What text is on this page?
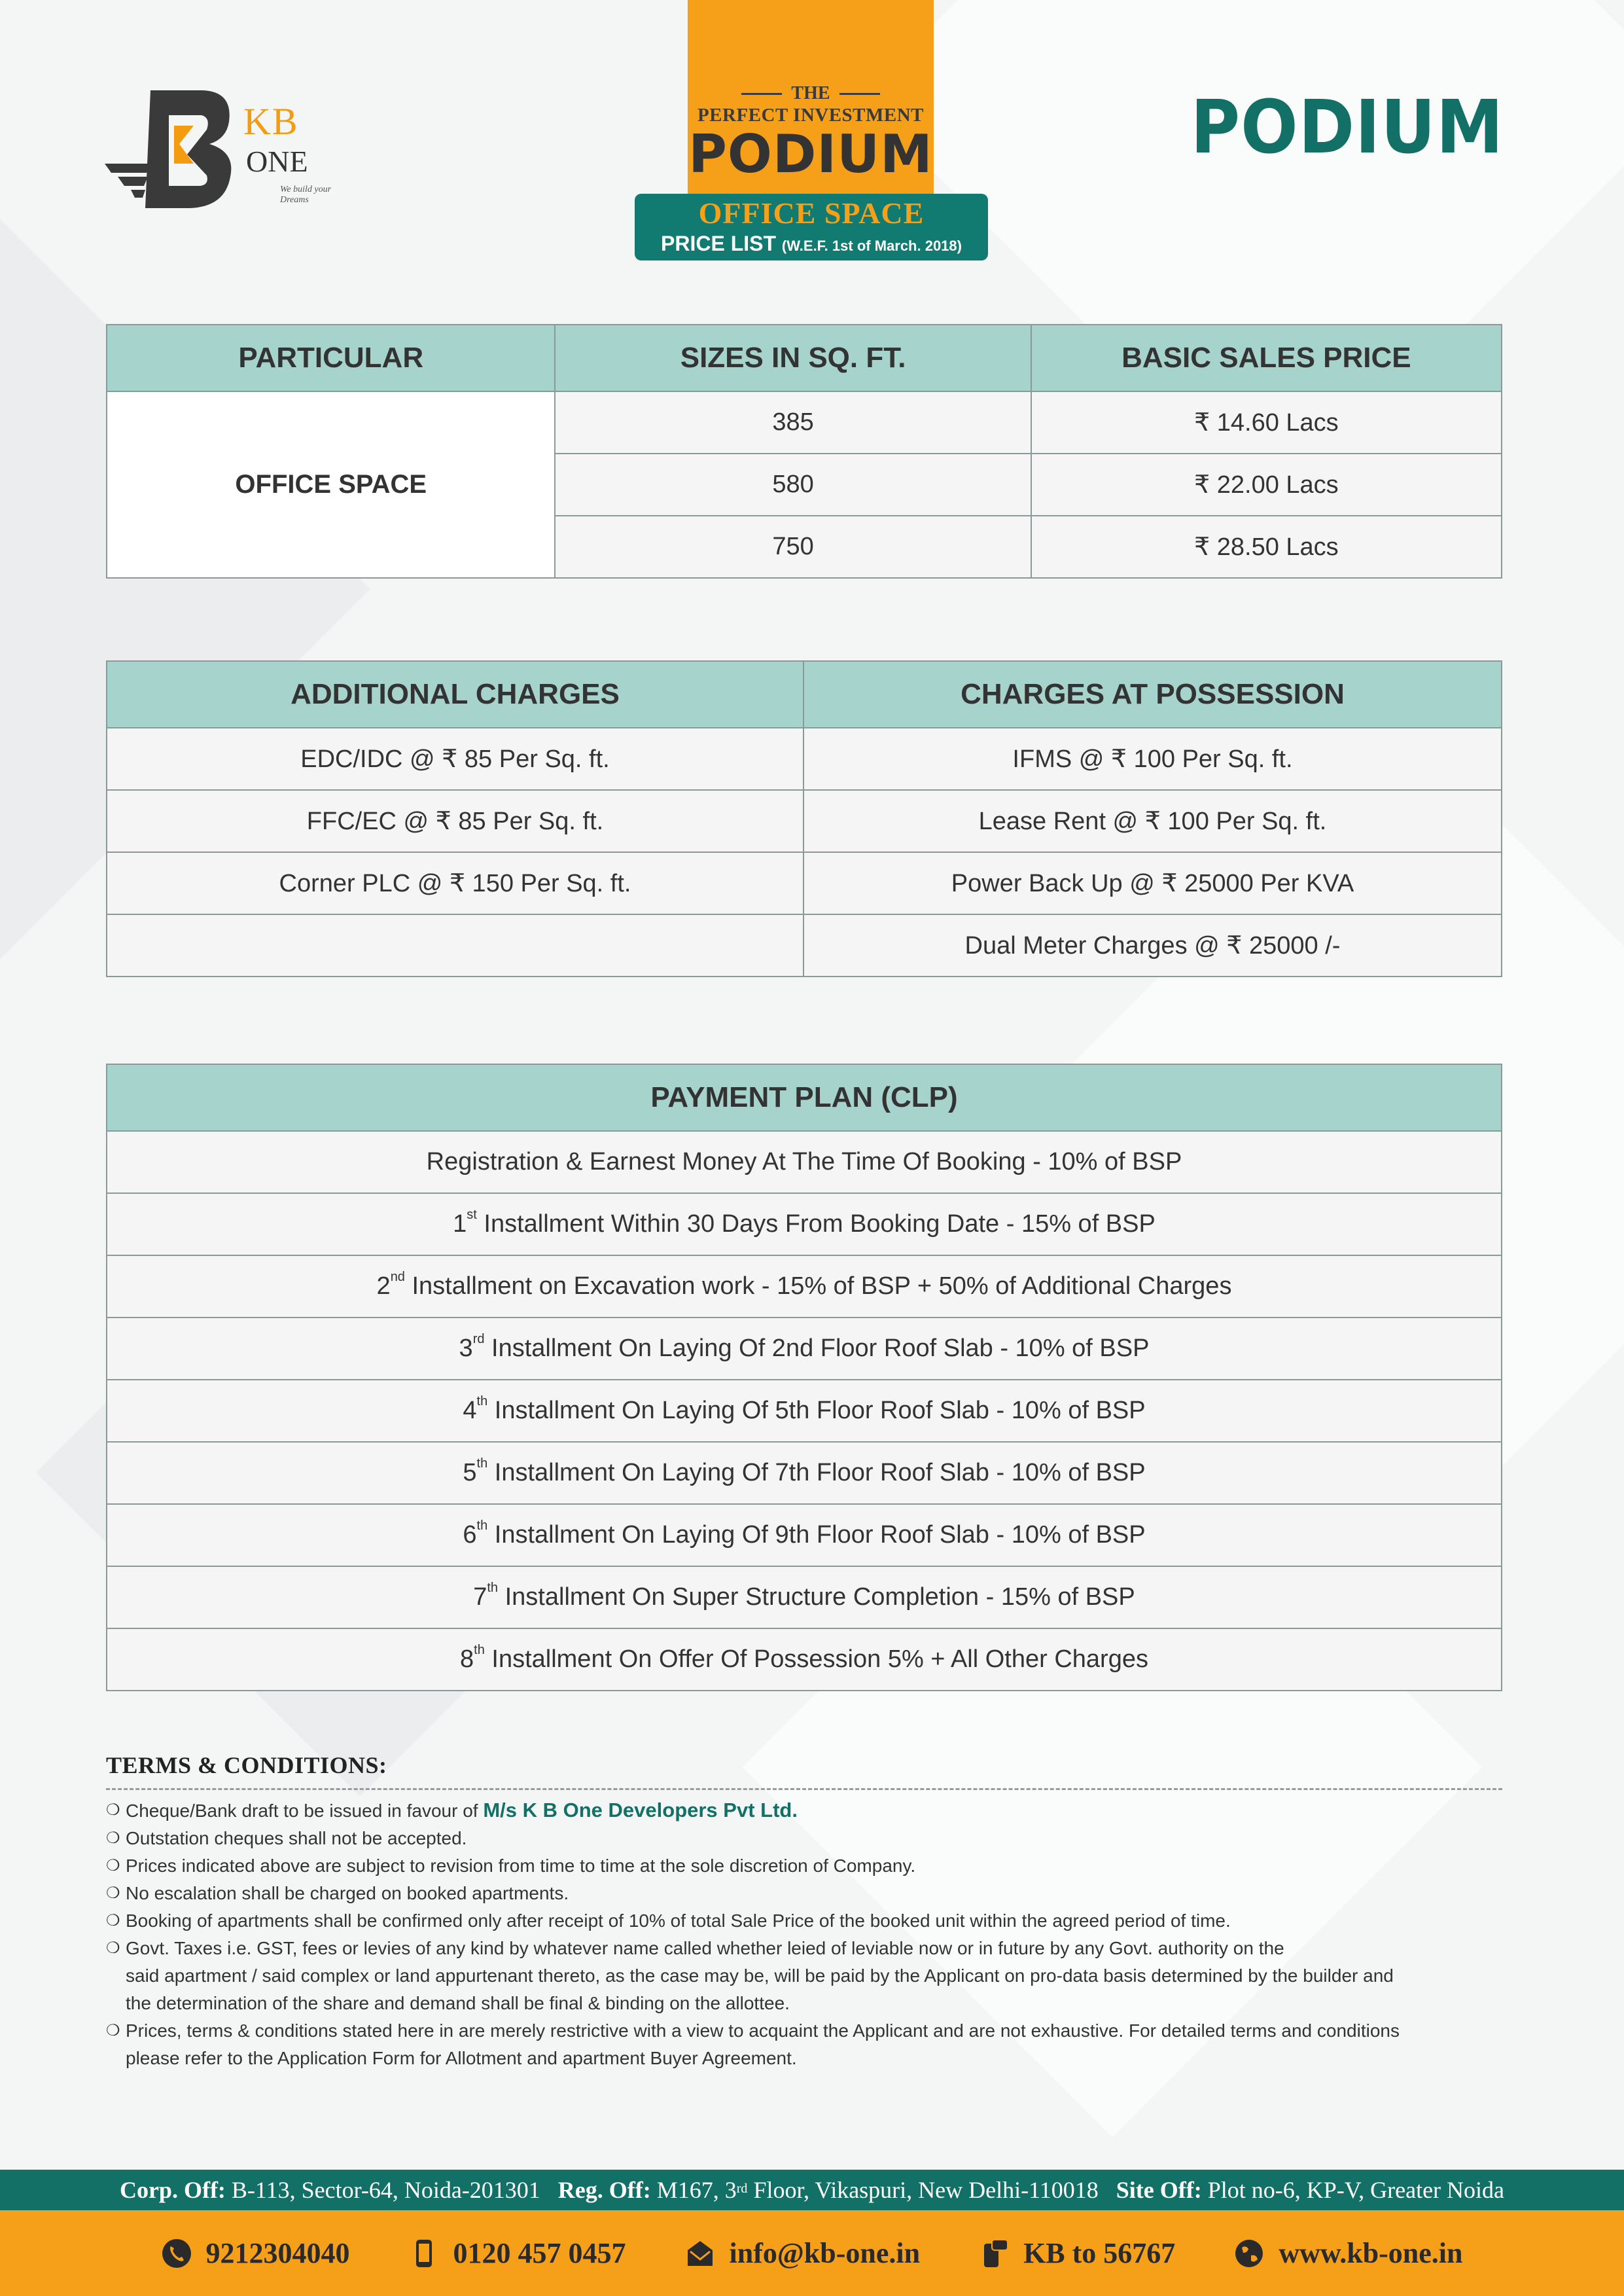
KB
ONE
We build your Dreams
THE
PERFECT INVESTMENT
PODIUM
OFFICE SPACE
PRICE LIST (W.E.F. 1st of March. 2018)
PODIUM
PARTICULAR	SIZES IN SQ. FT.	BASIC SALES PRICE
OFFICE SPACE	385	₹ 14.60 Lacs
	580	₹ 22.00 Lacs
	750	₹ 28.50 Lacs
ADDITIONAL CHARGES	CHARGES AT POSSESSION
EDC/IDC @ ₹ 85 Per Sq. ft.	IFMS @ ₹ 100 Per Sq. ft.
FFC/EC @ ₹ 85 Per Sq. ft.	Lease Rent @ ₹ 100 Per Sq. ft.
Corner PLC @ ₹ 150 Per Sq. ft.	Power Back Up @ ₹ 25000 Per KVA
	Dual Meter Charges @ ₹ 25000 /-
PAYMENT PLAN (CLP)
Registration & Earnest Money At The Time Of Booking - 10% of BSP
1st Installment Within 30 Days From Booking Date - 15% of BSP
2nd Installment on Excavation work - 15% of BSP + 50% of Additional Charges
3rd Installment On Laying Of 2nd Floor Roof Slab - 10% of BSP
4th Installment On Laying Of 5th Floor Roof Slab - 10% of BSP
5th Installment On Laying Of 7th Floor Roof Slab - 10% of BSP
6th Installment On Laying Of 9th Floor Roof Slab - 10% of BSP
7th Installment On Super Structure Completion - 15% of BSP
8th Installment On Offer Of Possession 5% + All Other Charges
TERMS & CONDITIONS:
❍ Cheque/Bank draft to be issued in favour of M/s K B One Developers Pvt Ltd.
❍ Outstation cheques shall not be accepted.
❍ Prices indicated above are subject to revision from time to time at the sole discretion of Company.
❍ No escalation shall be charged on booked apartments.
❍ Booking of apartments shall be confirmed only after receipt of 10% of total Sale Price of the booked unit within the agreed period of time.
❍ Govt. Taxes i.e. GST, fees or levies of any kind by whatever name called whether leied of leviable now or in future by any Govt. authority on the
said apartment / said complex or land appurtenant thereto, as the case may be, will be paid by the Applicant on pro-data basis determined by the builder and
the determination of the share and demand shall be final & binding on the allottee.
❍ Prices, terms & conditions stated here in are merely restrictive with a view to acquaint the Applicant and are not exhaustive. For detailed terms and conditions
please refer to the Application Form for Allotment and apartment Buyer Agreement.
Corp. Off: B-113, Sector-64, Noida-201301 Reg. Off: M167, 3rd Floor, Vikaspuri, New Delhi-110018 Site Off: Plot no-6, KP-V, Greater Noida
9212304040	0120 457 0457	info@kb-one.in	KB to 56767	www.kb-one.in
